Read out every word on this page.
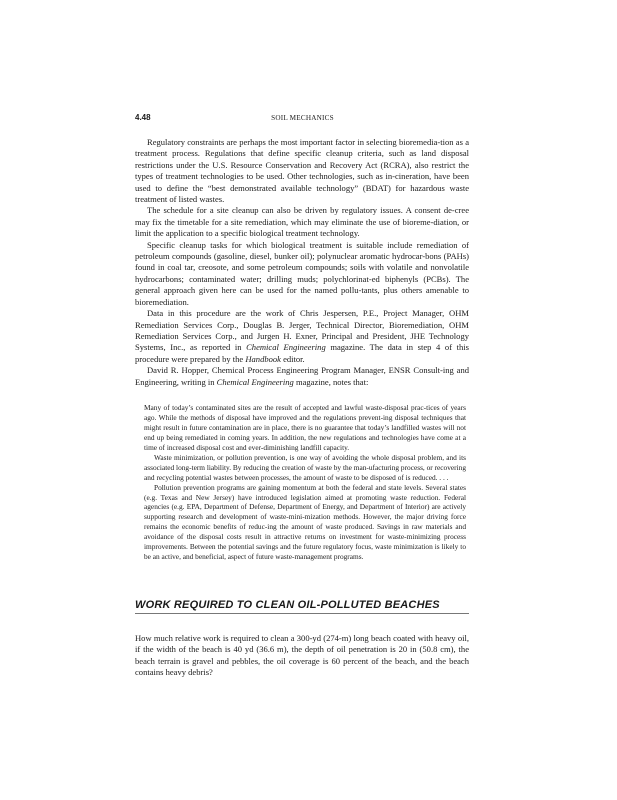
4.48	SOIL MECHANICS

Regulatory constraints are perhaps the most important factor in selecting bioremedia-tion as a treatment process. Regulations that define specific cleanup criteria, such as land disposal restrictions under the U.S. Resource Conservation and Recovery Act (RCRA), also restrict the types of treatment technologies to be used. Other technologies, such as in-cineration, have been used to define the “best demonstrated available technology” (BDAT) for hazardous waste treatment of listed wastes.

The schedule for a site cleanup can also be driven by regulatory issues. A consent de-cree may fix the timetable for a site remediation, which may eliminate the use of bioreme-diation, or limit the application to a specific biological treatment technology.

Specific cleanup tasks for which biological treatment is suitable include remediation of petroleum compounds (gasoline, diesel, bunker oil); polynuclear aromatic hydrocar-bons (PAHs) found in coal tar, creosote, and some petroleum compounds; soils with volatile and nonvolatile hydrocarbons; contaminated water; drilling muds; polychlorinat-ed biphenyls (PCBs). The general approach given here can be used for the named pollu-tants, plus others amenable to bioremediation.

Data in this procedure are the work of Chris Jespersen, P.E., Project Manager, OHM Remediation Services Corp., Douglas B. Jerger, Technical Director, Bioremediation, OHM Remediation Services Corp., and Jurgen H. Exner, Principal and President, JHE Technology Systems, Inc., as reported in Chemical Engineering magazine. The data in step 4 of this procedure were prepared by the Handbook editor.

David R. Hopper, Chemical Process Engineering Program Manager, ENSR Consult-ing and Engineering, writing in Chemical Engineering magazine, notes that:

Many of today’s contaminated sites are the result of accepted and lawful waste-disposal prac-tices of years ago. While the methods of disposal have improved and the regulations prevent-ing disposal techniques that might result in future contamination are in place, there is no guarantee that today’s landfilled wastes will not end up being remediated in coming years. In addition, the new regulations and technologies have come at a time of increased disposal cost and ever-diminishing landfill capacity.

Waste minimization, or pollution prevention, is one way of avoiding the whole disposal problem, and its associated long-term liability. By reducing the creation of waste by the man-ufacturing process, or recovering and recycling potential wastes between processes, the amount of waste to be disposed of is reduced. . . .

Pollution prevention programs are gaining momentum at both the federal and state levels. Several states (e.g. Texas and New Jersey) have introduced legislation aimed at promoting waste reduction. Federal agencies (e.g. EPA, Department of Defense, Department of Energy, and Department of Interior) are actively supporting research and development of waste-mini-mization methods. However, the major driving force remains the economic benefits of reduc-ing the amount of waste produced. Savings in raw materials and avoidance of the disposal costs result in attractive returns on investment for waste-minimizing process improvements. Between the potential savings and the future regulatory focus, waste minimization is likely to be an active, and beneficial, aspect of future waste-management programs.

WORK REQUIRED TO CLEAN OIL-POLLUTED BEACHES

How much relative work is required to clean a 300-yd (274-m) long beach coated with heavy oil, if the width of the beach is 40 yd (36.6 m), the depth of oil penetration is 20 in (50.8 cm), the beach terrain is gravel and pebbles, the oil coverage is 60 percent of the beach, and the beach contains heavy debris?
